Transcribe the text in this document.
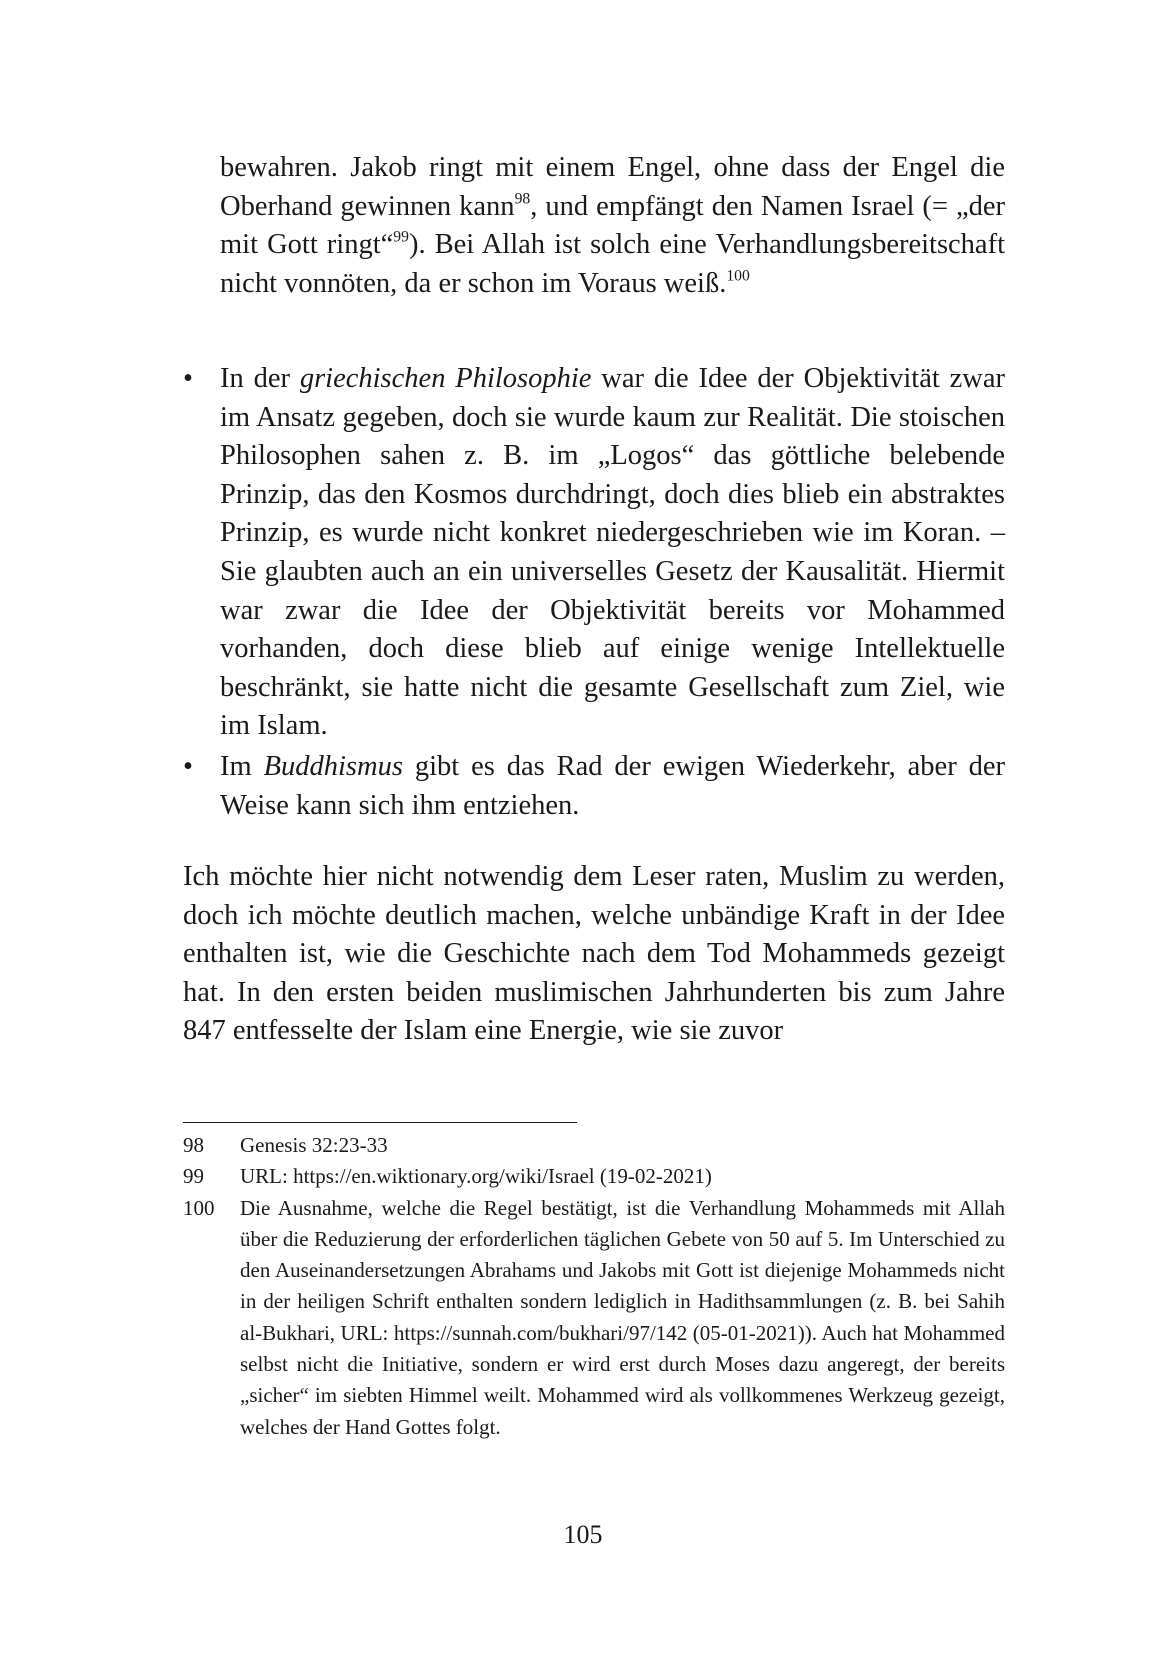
bewahren. Jakob ringt mit einem Engel, ohne dass der Engel die Oberhand gewinnen kann$^{98}$, und empfängt den Namen Israel (= „der mit Gott ringt“$^{99}$). Bei Allah ist solch eine Verhandlungsbereitschaft nicht vonnöten, da er schon im Voraus weiß.$^{100}$

• In der griechischen Philosophie war die Idee der Objektivität zwar im Ansatz gegeben, doch sie wurde kaum zur Realität. Die stoischen Philosophen sahen z. B. im „Logos“ das göttliche belebende Prinzip, das den Kosmos durchdringt, doch dies blieb ein abstraktes Prinzip, es wurde nicht konkret niedergeschrieben wie im Koran. – Sie glaubten auch an ein universelles Gesetz der Kausalität. Hiermit war zwar die Idee der Objektivität bereits vor Mohammed vorhanden, doch diese blieb auf einige wenige Intellektuelle beschränkt, sie hatte nicht die gesamte Gesellschaft zum Ziel, wie im Islam.
• Im Buddhismus gibt es das Rad der ewigen Wiederkehr, aber der Weise kann sich ihm entziehen.

Ich möchte hier nicht notwendig dem Leser raten, Muslim zu werden, doch ich möchte deutlich machen, welche unbändige Kraft in der Idee enthalten ist, wie die Geschichte nach dem Tod Mohammeds gezeigt hat. In den ersten beiden muslimischen Jahrhunderten bis zum Jahre 847 entfesselte der Islam eine Energie, wie sie zuvor

98 Genesis 32:23-33
99 URL: https://en.wiktionary.org/wiki/Israel (19-02-2021)
100 Die Ausnahme, welche die Regel bestätigt, ist die Verhandlung Mohammeds mit Allah über die Reduzierung der erforderlichen täglichen Gebete von 50 auf 5. Im Unterschied zu den Auseinandersetzungen Abrahams und Jakobs mit Gott ist diejenige Mohammeds nicht in der heiligen Schrift enthalten sondern lediglich in Hadithsammlungen (z. B. bei Sahih al-Bukhari, URL: https://sunnah.com/bukhari/97/142 (05-01-2021)). Auch hat Mohammed selbst nicht die Initiative, sondern er wird erst durch Moses dazu angeregt, der bereits „sicher“ im siebten Himmel weilt. Mohammed wird als vollkommenes Werkzeug gezeigt, welches der Hand Gottes folgt.
105
